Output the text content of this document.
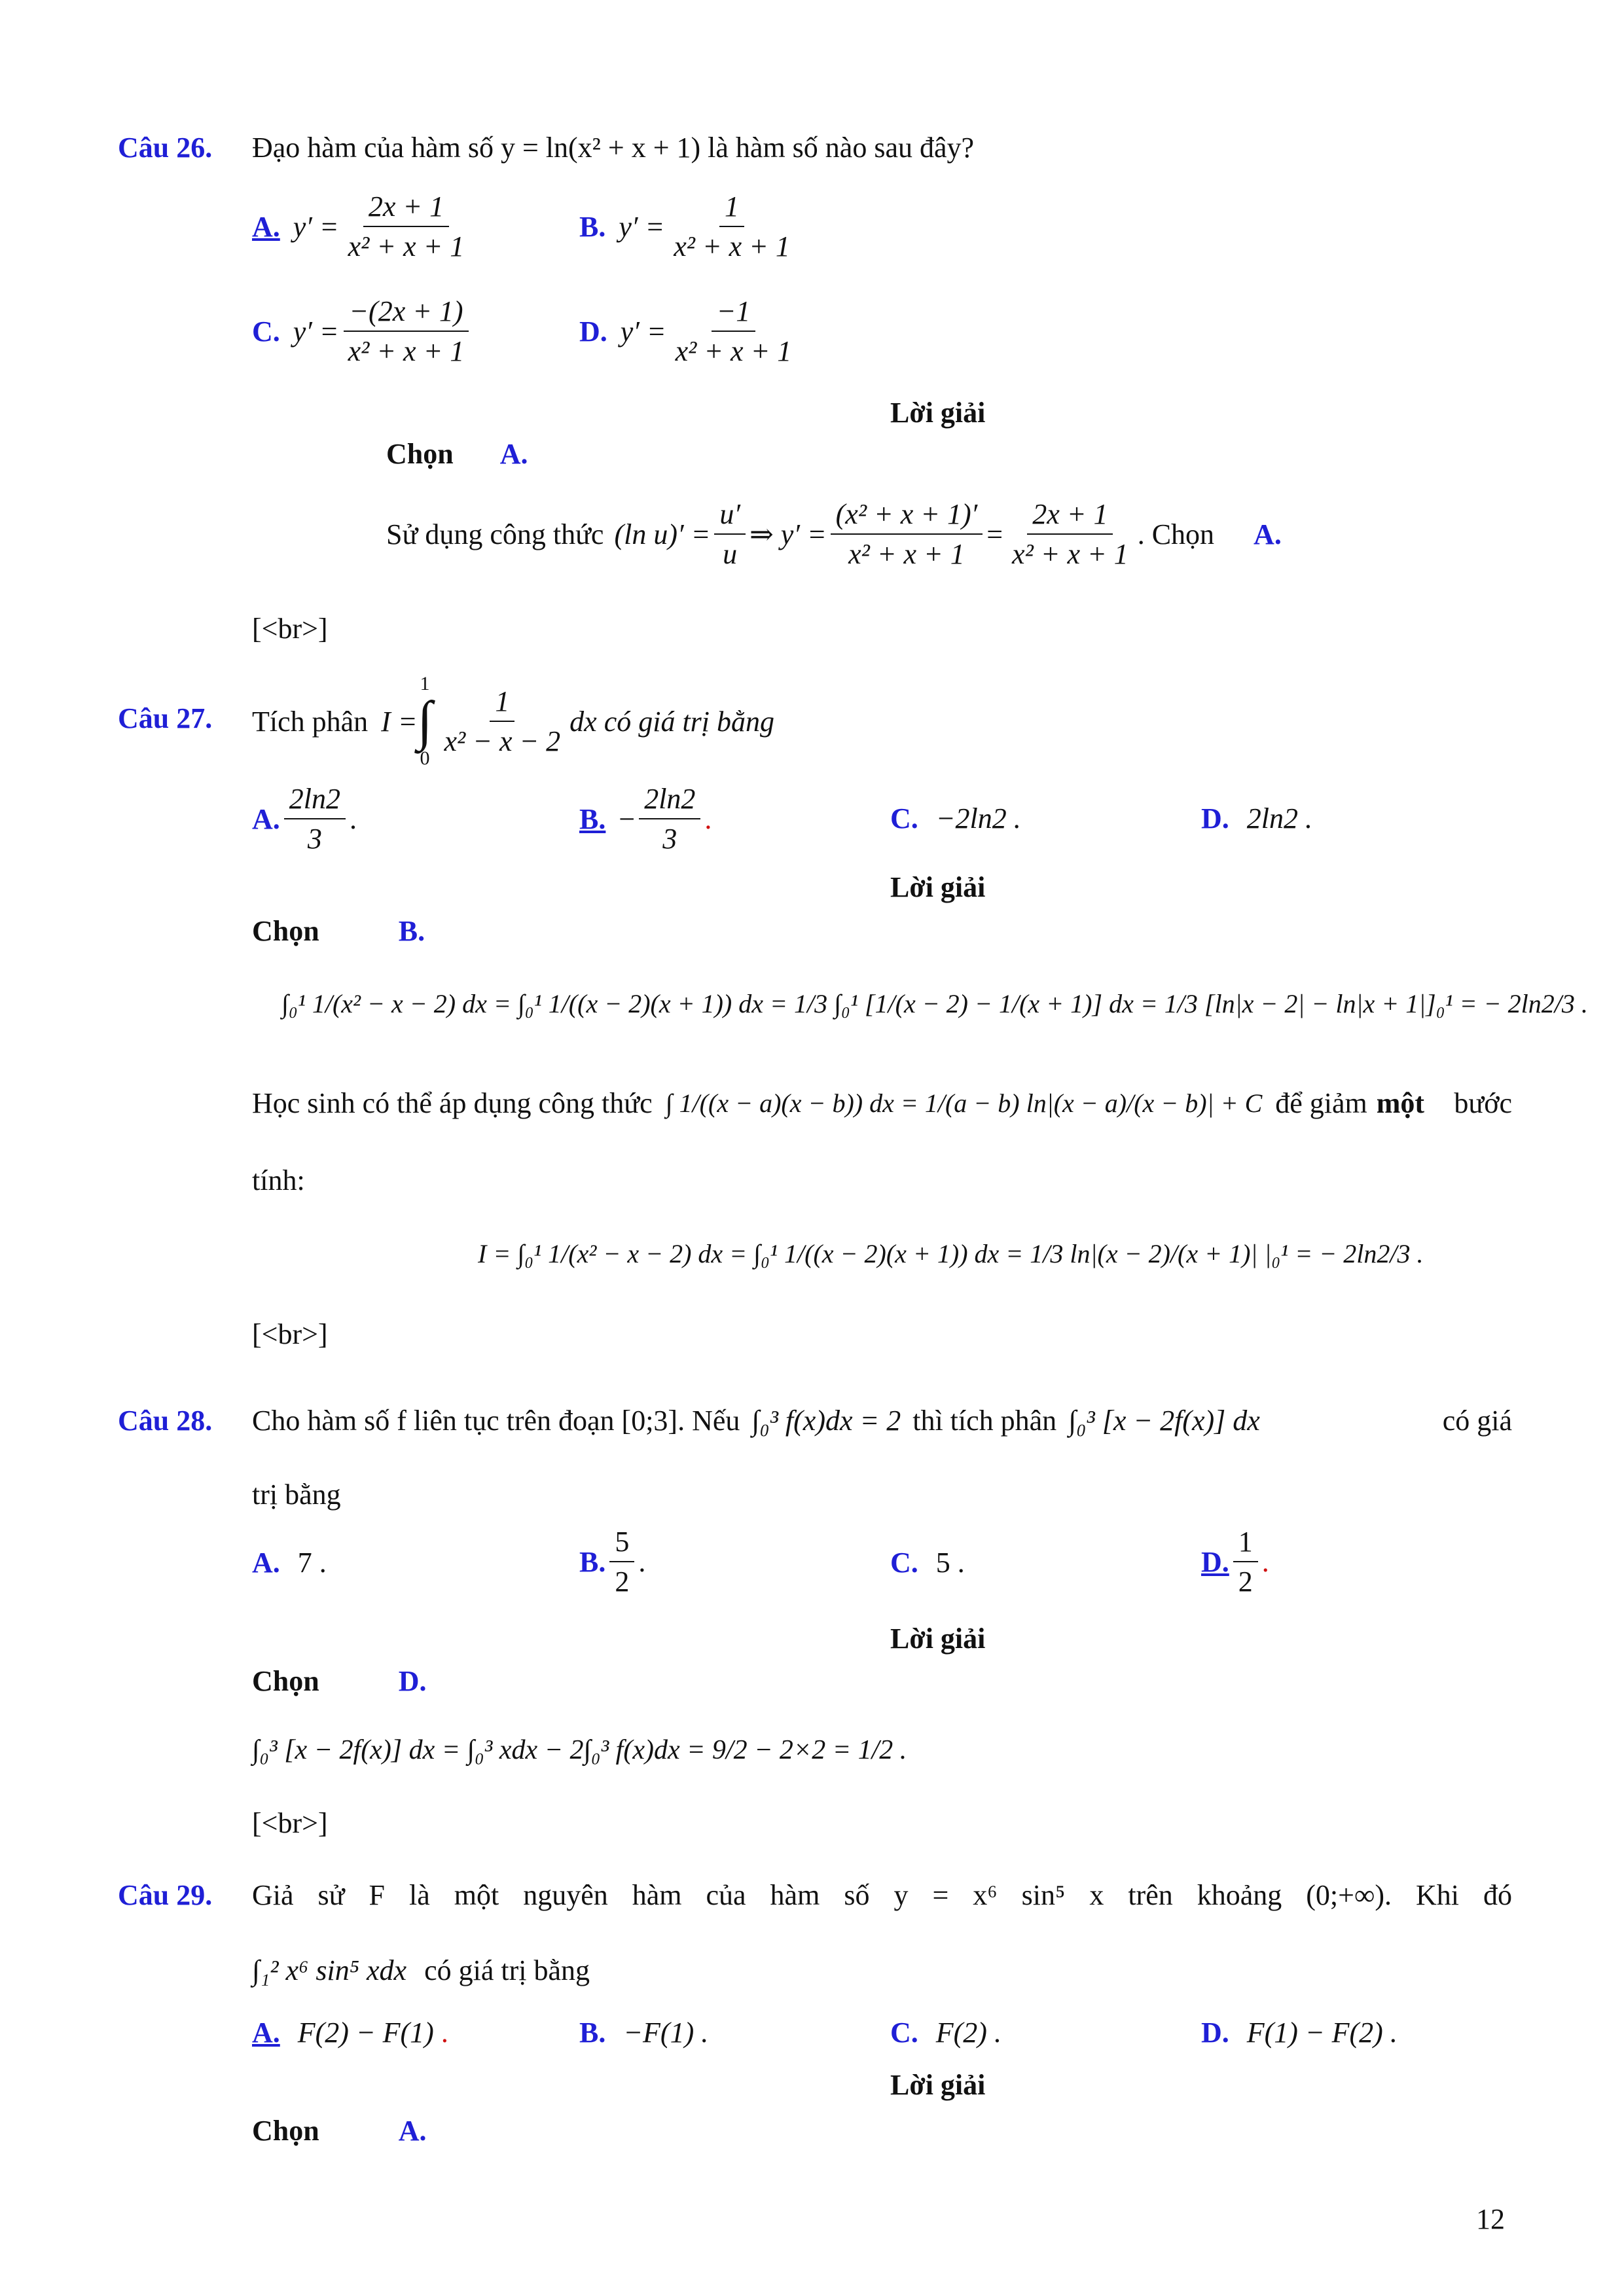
Câu 26. Đạo hàm của hàm số y = ln(x² + x + 1) là hàm số nào sau đây?
A. $y' = \frac{2x + 1}{\text{x² + x + 1}}$	B. $y' = \frac{1}{\text{x² + x + 1}}$
C. $y' = \frac{-(2x + 1)}{\text{x² + x + 1}}$	D. $y' = \frac{-1}{\text{x² + x + 1}}$
Lời giải
Chọn A.
Sử dụng công thức (ln $u)' = \frac{u'}{u}$ ⇒ $y' = \frac{\text{(x² + x + 1)′}}{\text{x² + x + 1}} = \frac{2x + 1}{\text{x² + x + 1}}$ . Chọn A.
[<br>]
Câu 27. Tích phân I =
1
∫
0
$\frac{1}{\text{x² − x − 2}}$ dx có giá trị bằng
A. $\frac{2\ln 2}{3}$ .	B. − $\frac{2\ln 2}{3}$ .	C. −2ln2 .	D. 2ln2 .
Lời giải
Chọn	B.
∫₀¹ 1/(x² − x − 2) dx = ∫₀¹ 1/((x − 2)(x + 1)) dx = 1/3 ∫₀¹ [1/(x − 2) − 1/(x + 1)] dx = 1/3 [ln|x − 2| − ln|x + 1|]₀¹ = − 2ln2/3 .
Học sinh có thể áp dụng công thức ∫ 1/((x − a)(x − b)) dx = 1/(a − b) ln|(x − a)/(x − b)| + C để giảm một bước
tính:
I = ∫₀¹ 1/(x² − x − 2) dx = ∫₀¹ 1/((x − 2)(x + 1)) dx = 1/3 ln|(x − 2)/(x + 1)| |₀¹ = − 2ln2/3 .
[<br>]
Câu 28. Cho hàm số f liên tục trên đoạn [0;3]. Nếu ∫₀³ f(x)dx = 2 thì tích phân ∫₀³ [x − 2f(x)] dx	có giá
trị bằng
A. 7 .	B. $\frac{5}{2}$ .	C. 5 .	D. $\frac{1}{2}$ .
Lời giải
Chọn	D.
∫₀³ [x − 2f(x)] dx = ∫₀³ xdx − 2∫₀³ f(x)dx = 9/2 − 2×2 = 1/2 .
[<br>]
Câu 29. Giả sử F là một nguyên hàm của hàm số y = x⁶ sin⁵ x trên khoảng (0;+∞). Khi đó
∫₁² x⁶ sin⁵ xdx có giá trị bằng
A. F(2) − F(1) .	B. −F(1) .	C. F(2) .	D. F(1) − F(2) .
Lời giải
Chọn	A.
12
